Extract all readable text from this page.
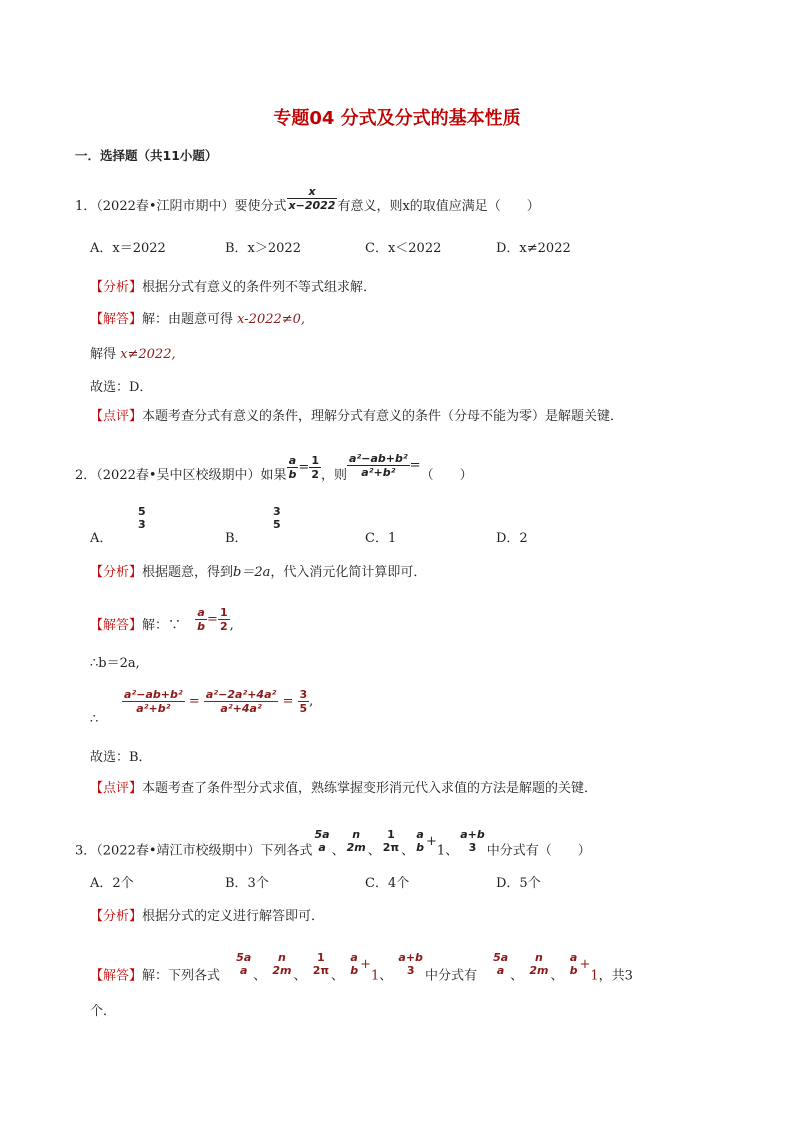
专题04 分式及分式的基本性质
一．选择题（共11小题）
1．（2022春•江阴市期中）要使分式 $\frac{x}{x-2022}$ 有意义，则x的取值应满足（　　）
A．x＝2022	B．x＞2022	C．x＜2022	D．x≠2022
【分析】根据分式有意义的条件列不等式组求解．
【解答】解：由题意可得 x-2022≠0,
解得 x≠2022,
故选：D．
【点评】本题考查分式有意义的条件，理解分式有意义的条件（分母不能为零）是解题关键．
2．（2022春•吴中区校级期中）如果 $\frac{a}{b} = \frac{1}{2}$ ，则 $\frac{\text{a²−ab+b²}}{\text{a²+b²}}$ =（　　）
A．
5
3
B．
3
5
C．1	D．2
【分析】根据题意，得到b＝2a，代入消元化简计算即可．
【解答】解：∵ $\frac{a}{b} = \frac{1}{2}$ ,
∴b＝2a,
∴
$\frac{\text{a²−ab+b²}}{\text{a²+b²}} = \frac{\text{a²−2a²+4a²}}{\text{a²+4a²}} = \frac{3}{5}$ ,
故选：B．
【点评】本题考查了条件型分式求值，熟练掌握变形消元代入求值的方法是解题的关键．
3．（2022春•靖江市校级期中）下列各式
5a
a 、
n
2m 、
1
2π 、
a
b +1、
a+b
3 中分式有（　　）
A．2个	B．3个	C．4个	D．5个
【分析】根据分式的定义进行解答即可．
【解答】解：下列各式
5a
a 、
n
2m 、
1
2π 、
a
b +1、
a+b
3 中分式有
5a
a 、
n
2m 、
a
b +1，共3
个．
